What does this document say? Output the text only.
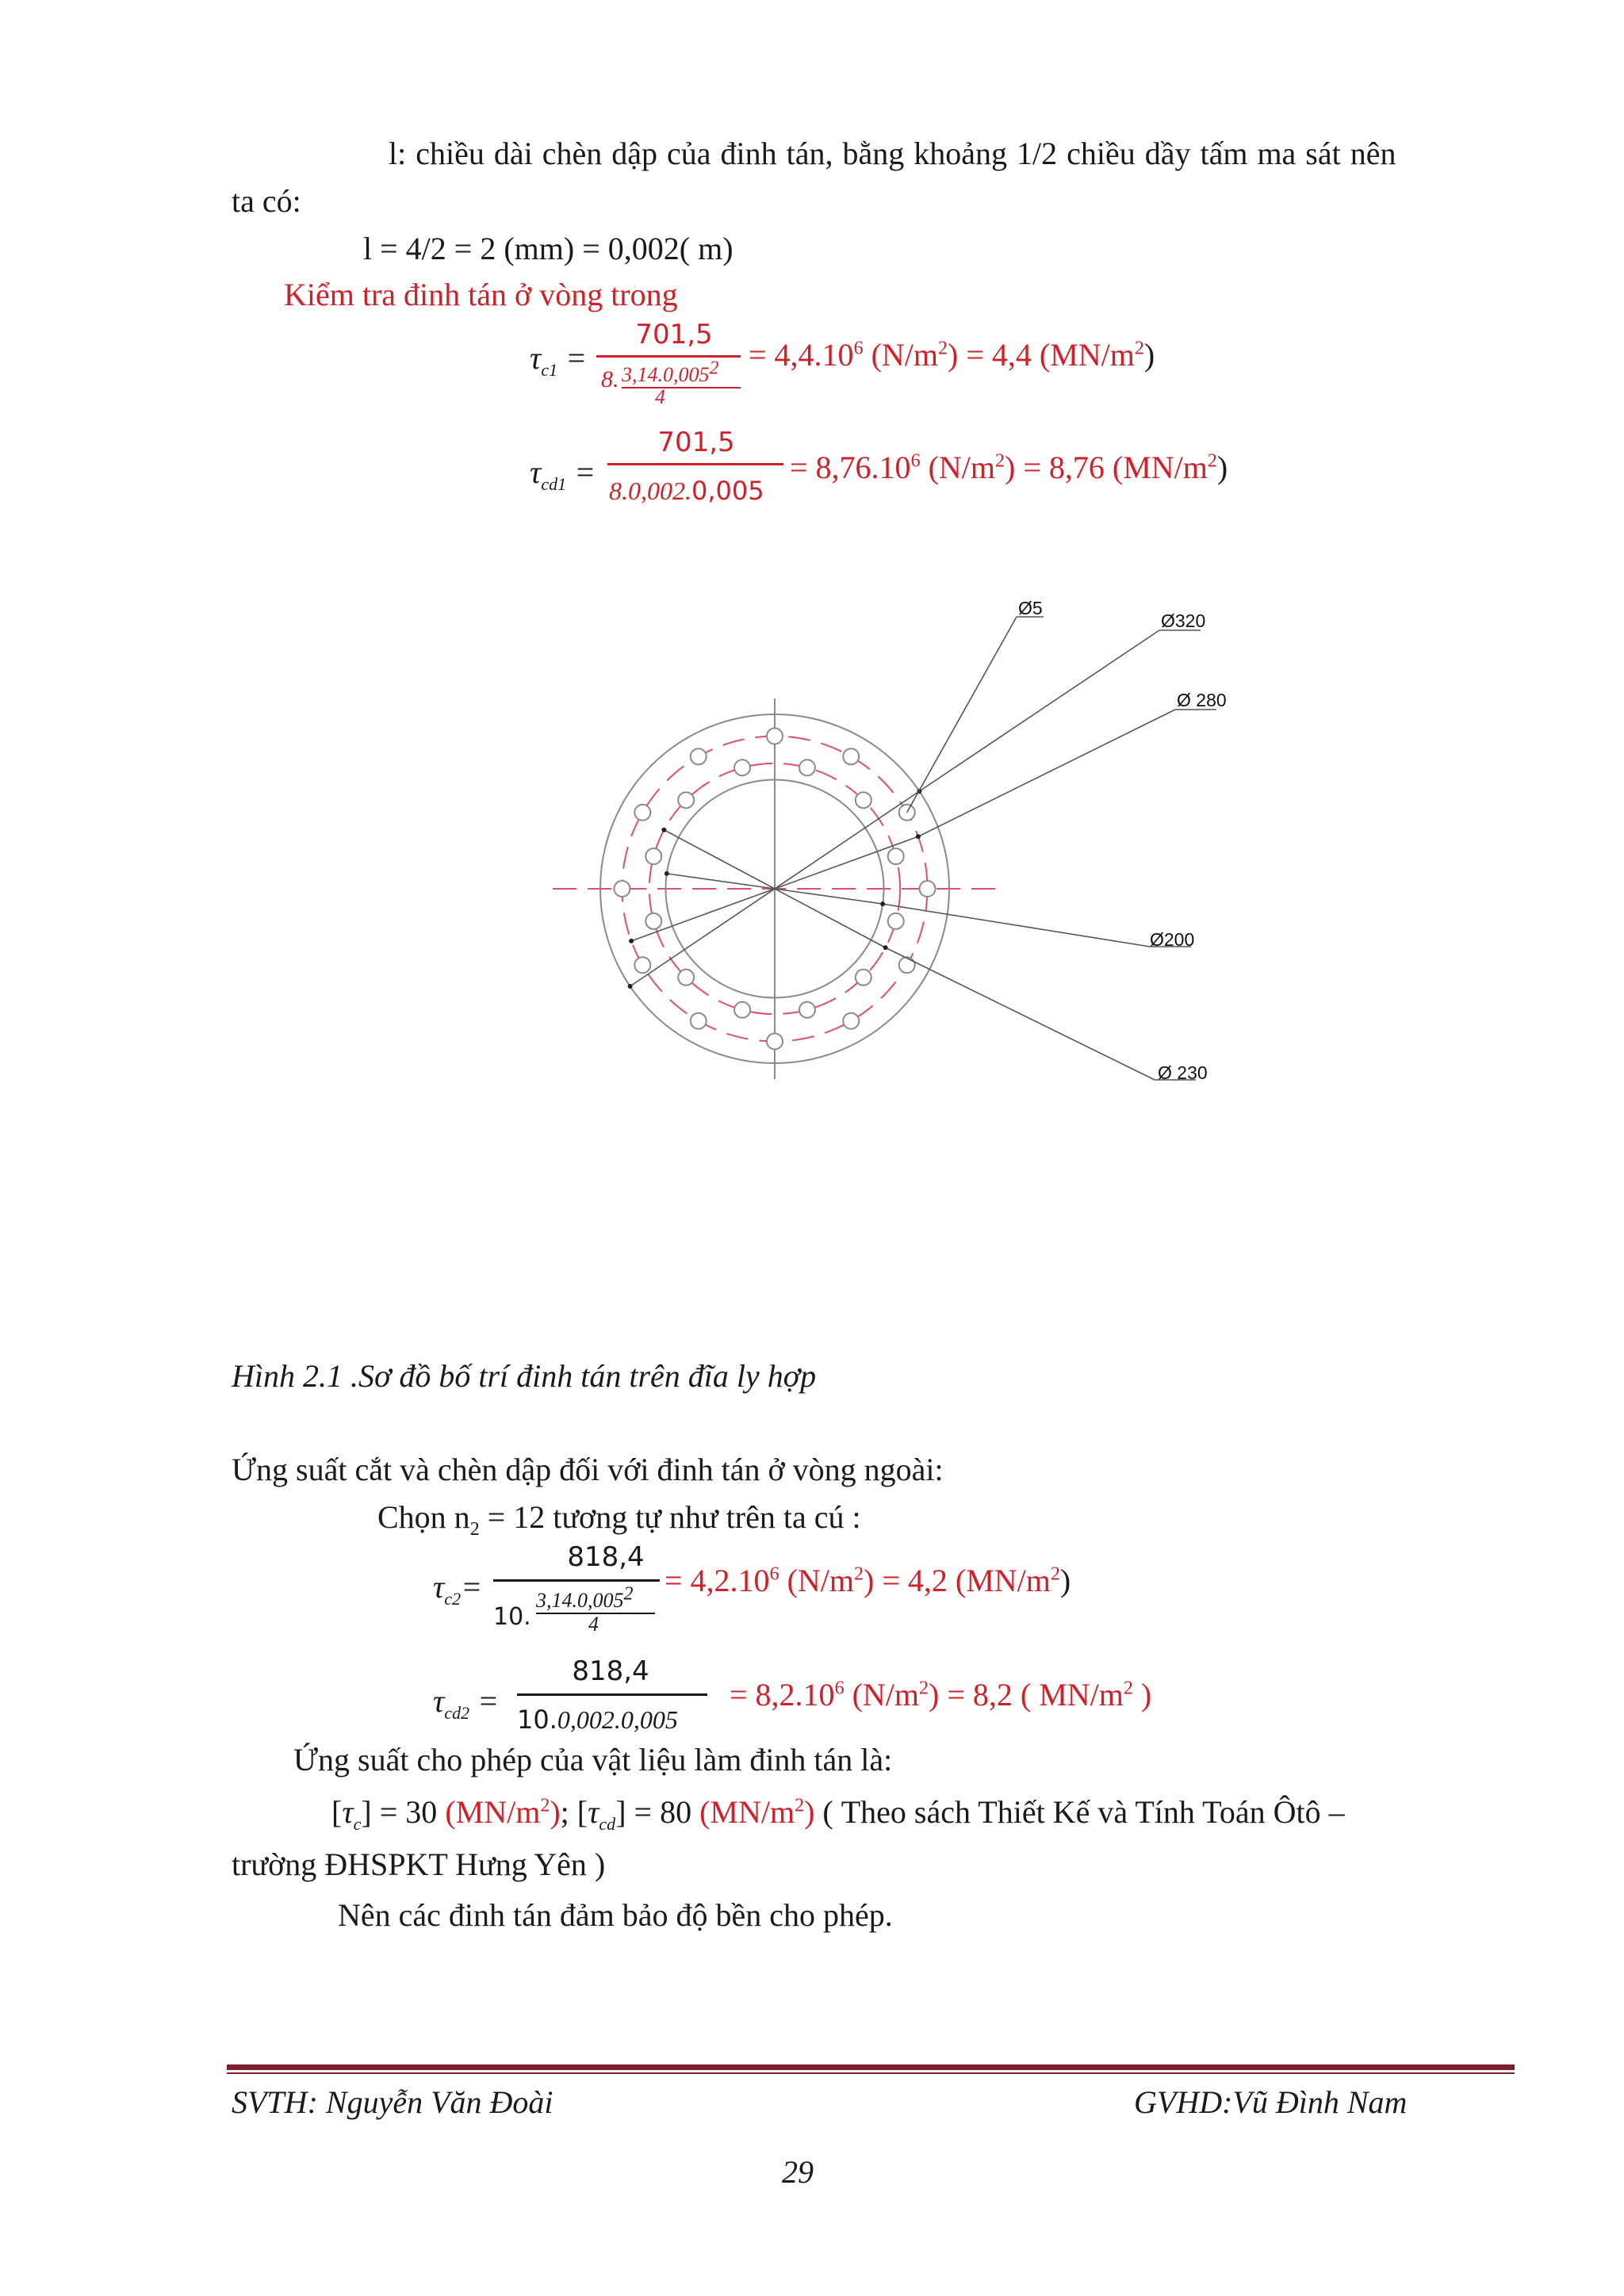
l: chiều dài chèn dập của đinh tán, bằng khoảng 1/2 chiều dầy tấm ma sát nên
ta có:
l = 4/2 = 2 (mm) = 0,002( m)
Kiểm tra đinh tán ở vòng trong
$\tau_{c1}$ =
701,5
8. 3,14.0,005$^2$
4
= $4,4.10^6$ $(N/m^2) = 4,4$ $(MN/m^2)$
$\tau_{cd1}$ =
701,5
8.0,002.0,005
= $8,76.10^6$ $(N/m^2) = 8,76$ $(MN/m^2)$
Ø5
Ø320
Ø 280
Ø200
Ø 230
Hình 2.1 .Sơ đồ bố trí đinh tán trên đĩa ly hợp
Ứng suất cắt và chèn dập đối với đinh tán ở vòng ngoài:
Chọn $n_2 = 12$ tương tự như trên ta cú :
$\tau_{c2}=$
818,4
10.
3,14.0,005$^2$
4
= $4,2.10^6$ $(N/m^2) = 4,2$ $(MN/m^2)$
$\tau_{cd2}$ =
818,4
10.0,002.0,005
= $8,2.10^6$ $(N/m^2) = 8,2$ ( $MN/m^2$ )
Ứng suất cho phép của vật liệu làm đinh tán là:
$[\tau_c] = 30$ $(MN/m^2)$; $[\tau_{cd}] = 80$ $(MN/m^2)$ ( Theo sách Thiết Kế và Tính Toán Ôtô –
trường ĐHSPKT Hưng Yên )
Nên các đinh tán đảm bảo độ bền cho phép.
SVTH: Nguyễn Văn Đoài	GVHD:Vũ Đình Nam
29
